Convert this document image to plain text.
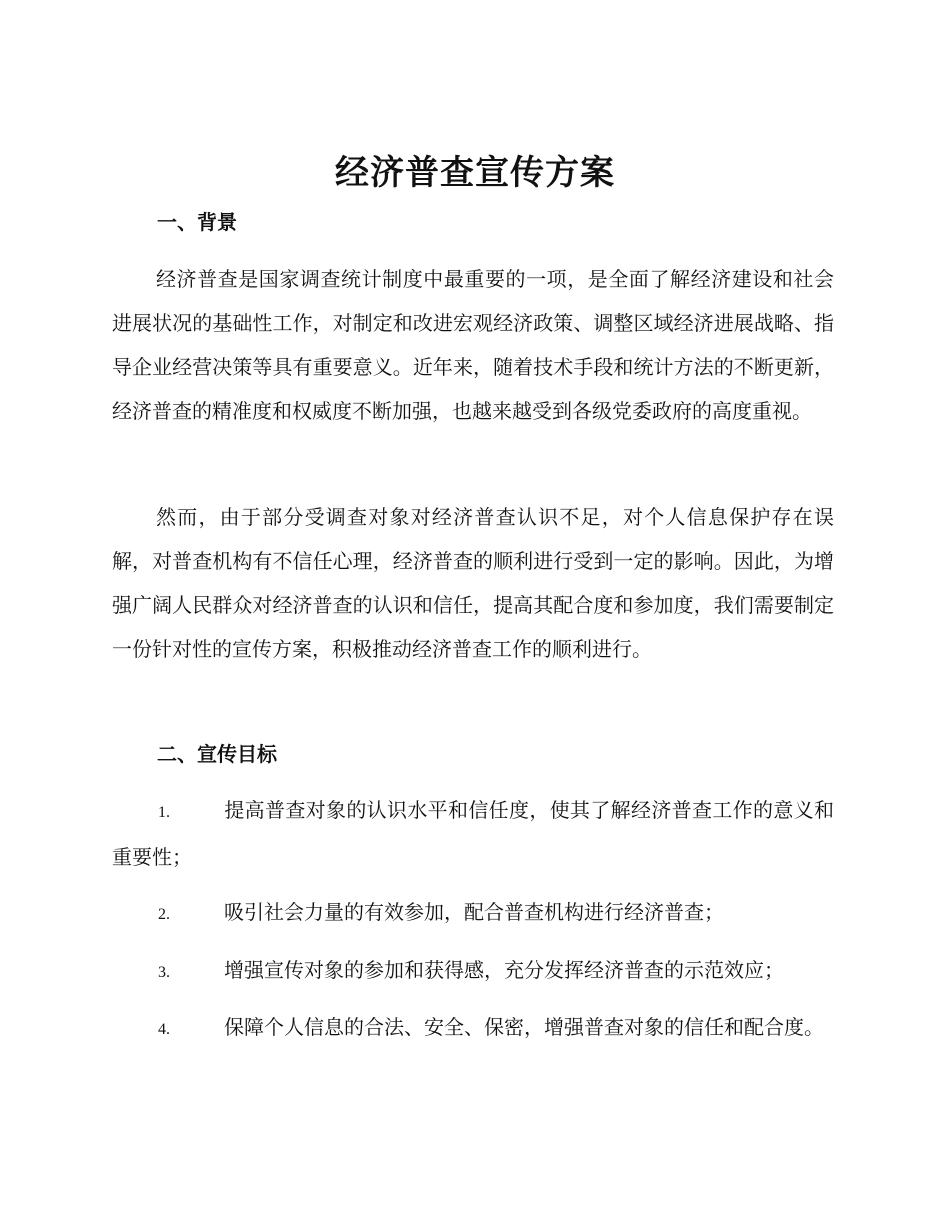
经济普查宣传方案
一、背景

经济普查是国家调查统计制度中最重要的一项，是全面了解经济建设和社会进展状况的基础性工作，对制定和改进宏观经济政策、调整区域经济进展战略、指导企业经营决策等具有重要意义。近年来，随着技术手段和统计方法的不断更新，经济普查的精准度和权威度不断加强，也越来越受到各级党委政府的高度重视。

然而，由于部分受调查对象对经济普查认识不足，对个人信息保护存在误解，对普查机构有不信任心理，经济普查的顺利进行受到一定的影响。因此，为增强广阔人民群众对经济普查的认识和信任，提高其配合度和参加度，我们需要制定一份针对性的宣传方案，积极推动经济普查工作的顺利进行。

二、宣传目标

1.	提高普查对象的认识水平和信任度，使其了解经济普查工作的意义和重要性；

2.	吸引社会力量的有效参加，配合普查机构进行经济普查；

3.	增强宣传对象的参加和获得感，充分发挥经济普查的示范效应；

4.	保障个人信息的合法、安全、保密，增强普查对象的信任和配合度。
